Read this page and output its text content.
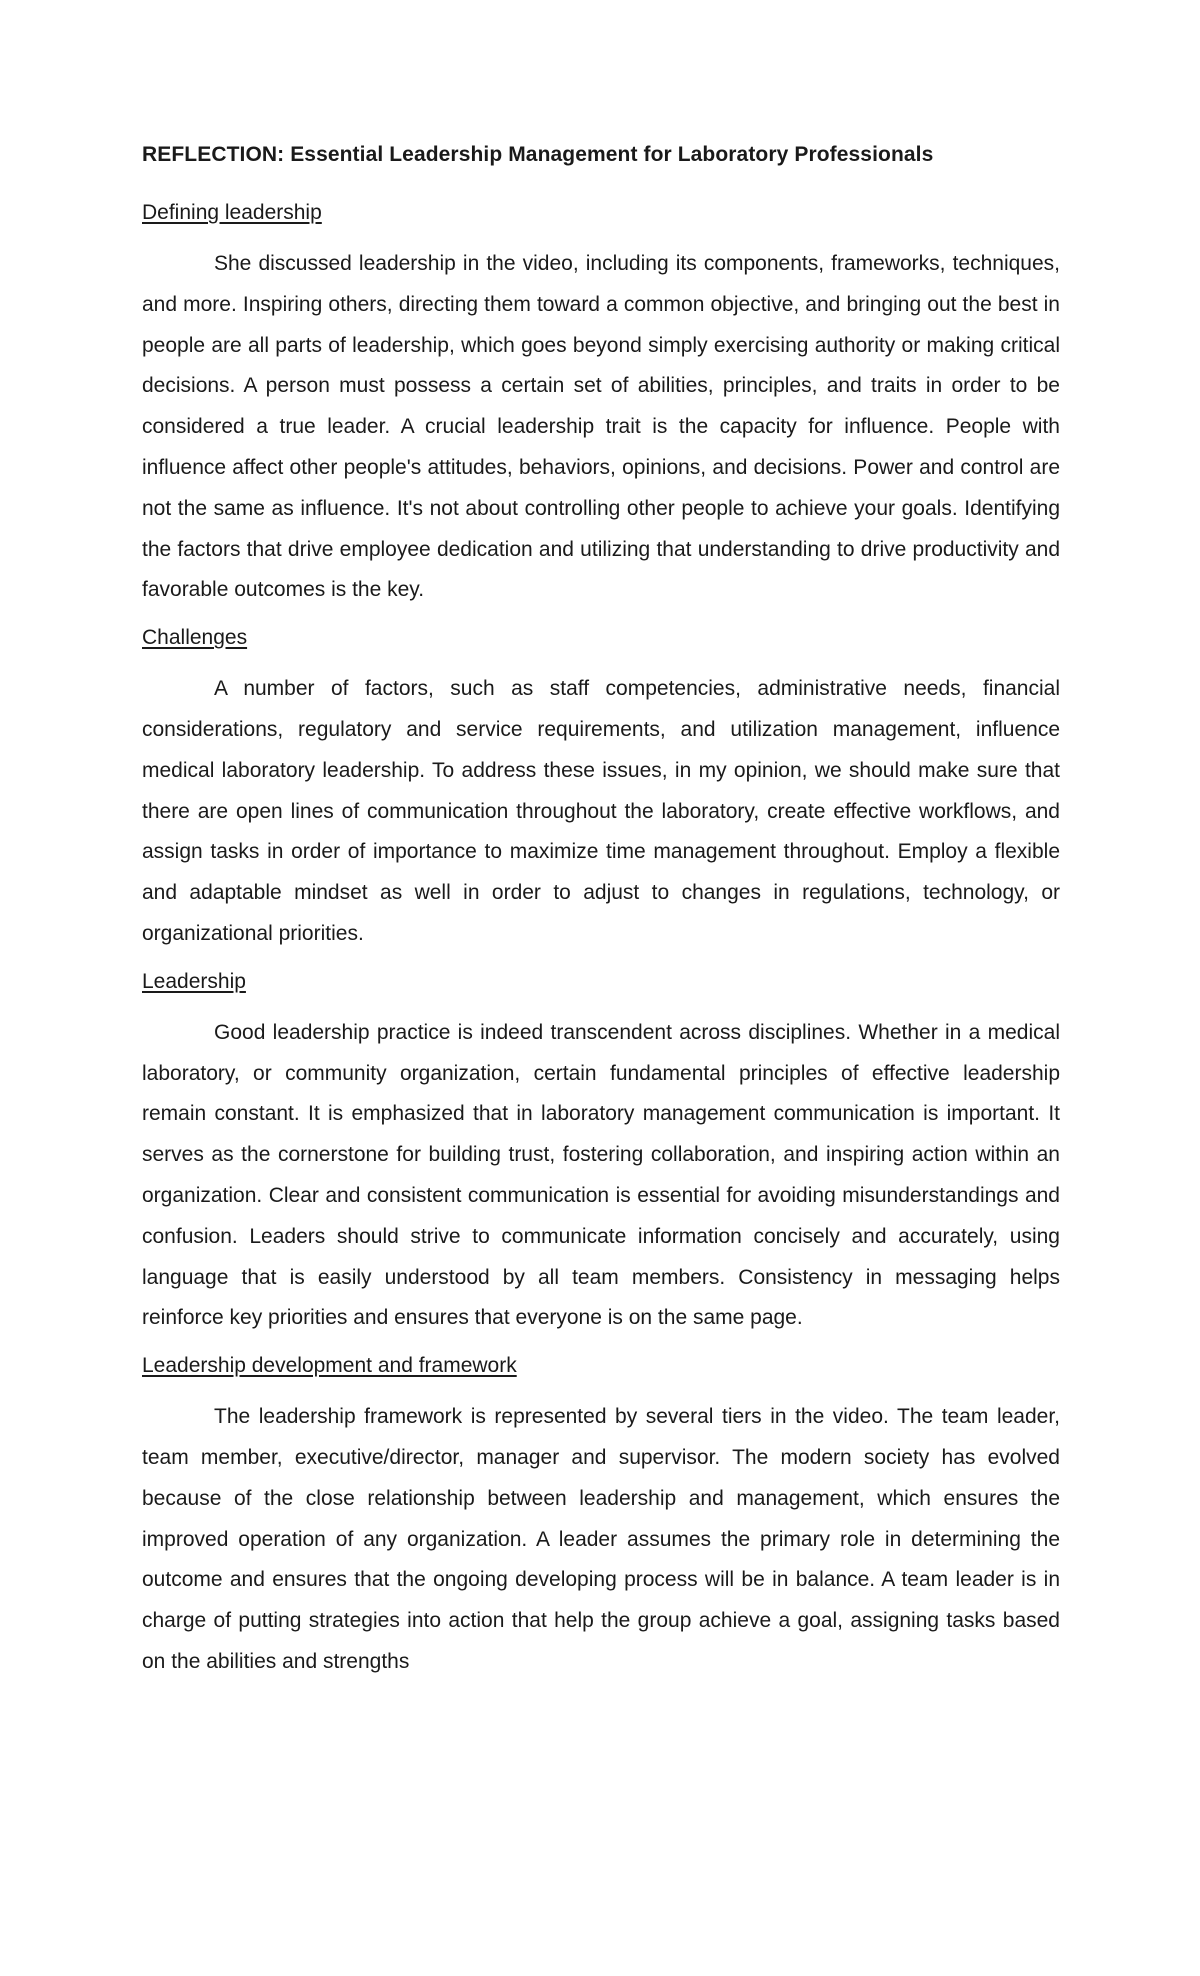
REFLECTION: Essential Leadership Management for Laboratory Professionals
Defining leadership

She discussed leadership in the video, including its components, frameworks, techniques, and more. Inspiring others, directing them toward a common objective, and bringing out the best in people are all parts of leadership, which goes beyond simply exercising authority or making critical decisions. A person must possess a certain set of abilities, principles, and traits in order to be considered a true leader. A crucial leadership trait is the capacity for influence. People with influence affect other people's attitudes, behaviors, opinions, and decisions. Power and control are not the same as influence. It's not about controlling other people to achieve your goals. Identifying the factors that drive employee dedication and utilizing that understanding to drive productivity and favorable outcomes is the key.

Challenges

A number of factors, such as staff competencies, administrative needs, financial considerations, regulatory and service requirements, and utilization management, influence medical laboratory leadership. To address these issues, in my opinion, we should make sure that there are open lines of communication throughout the laboratory, create effective workflows, and assign tasks in order of importance to maximize time management throughout. Employ a flexible and adaptable mindset as well in order to adjust to changes in regulations, technology, or organizational priorities.

Leadership

Good leadership practice is indeed transcendent across disciplines. Whether in a medical laboratory, or community organization, certain fundamental principles of effective leadership remain constant. It is emphasized that in laboratory management communication is important. It serves as the cornerstone for building trust, fostering collaboration, and inspiring action within an organization. Clear and consistent communication is essential for avoiding misunderstandings and confusion. Leaders should strive to communicate information concisely and accurately, using language that is easily understood by all team members. Consistency in messaging helps reinforce key priorities and ensures that everyone is on the same page.

Leadership development and framework

The leadership framework is represented by several tiers in the video. The team leader, team member, executive/director, manager and supervisor. The modern society has evolved because of the close relationship between leadership and management, which ensures the improved operation of any organization. A leader assumes the primary role in determining the outcome and ensures that the ongoing developing process will be in balance. A team leader is in charge of putting strategies into action that help the group achieve a goal, assigning tasks based on the abilities and strengths
